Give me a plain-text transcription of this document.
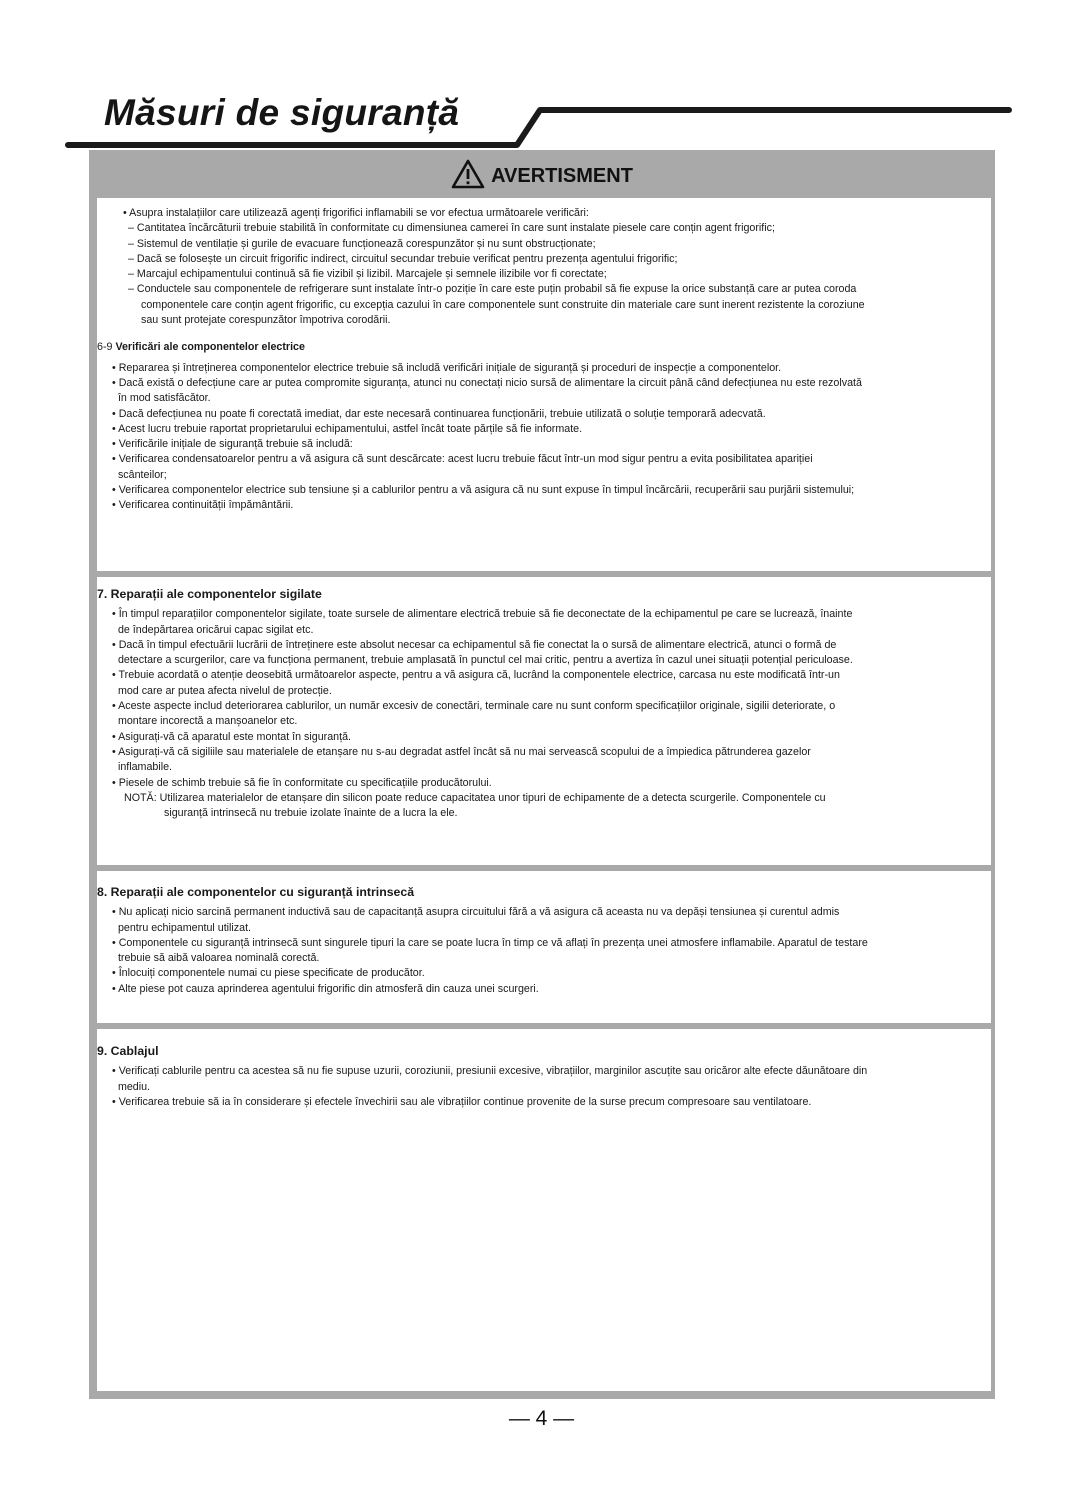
Măsuri de siguranță
AVERTISMENT

• Asupra instalațiilor care utilizează agenți frigorifici inflamabili se vor efectua următoarele verificări:

– Cantitatea încărcăturii trebuie stabilită în conformitate cu dimensiunea camerei în care sunt instalate piesele care conțin agent frigorific;

– Sistemul de ventilație și gurile de evacuare funcționează corespunzător și nu sunt obstrucționate;

– Dacă se folosește un circuit frigorific indirect, circuitul secundar trebuie verificat pentru prezența agentului frigorific;

– Marcajul echipamentului continuă să fie vizibil și lizibil. Marcajele și semnele ilizibile vor fi corectate;

– Conductele sau componentele de refrigerare sunt instalate într-o poziție în care este puțin probabil să fie expuse la orice substanță care ar putea coroda

componentele care conțin agent frigorific, cu excepția cazului în care componentele sunt construite din materiale care sunt inerent rezistente la coroziune

sau sunt protejate corespunzător împotriva corodării.

6-9 Verificări ale componentelor electrice

• Repararea și întreținerea componentelor electrice trebuie să includă verificări inițiale de siguranță și proceduri de inspecție a componentelor.

• Dacă există o defecțiune care ar putea compromite siguranța, atunci nu conectați nicio sursă de alimentare la circuit până când defecțiunea nu este rezolvată

în mod satisfăcător.

• Dacă defecțiunea nu poate fi corectată imediat, dar este necesară continuarea funcționării, trebuie utilizată o soluție temporară adecvată.

• Acest lucru trebuie raportat proprietarului echipamentului, astfel încât toate părțile să fie informate.

• Verificările inițiale de siguranță trebuie să includă:

• Verificarea condensatoarelor pentru a vă asigura că sunt descărcate: acest lucru trebuie făcut într-un mod sigur pentru a evita posibilitatea apariției

scânteilor;

• Verificarea componentelor electrice sub tensiune și a cablurilor pentru a vă asigura că nu sunt expuse în timpul încărcării, recuperării sau purjării sistemului;

• Verificarea continuității împământării.

7. Reparații ale componentelor sigilate

• În timpul reparațiilor componentelor sigilate, toate sursele de alimentare electrică trebuie să fie deconectate de la echipamentul pe care se lucrează, înainte

de îndepărtarea oricărui capac sigilat etc.

• Dacă în timpul efectuării lucrării de întreținere este absolut necesar ca echipamentul să fie conectat la o sursă de alimentare electrică, atunci o formă de

detectare a scurgerilor, care va funcționa permanent, trebuie amplasată în punctul cel mai critic, pentru a avertiza în cazul unei situații potențial periculoase.

• Trebuie acordată o atenție deosebită următoarelor aspecte, pentru a vă asigura că, lucrând la componentele electrice, carcasa nu este modificată într-un

mod care ar putea afecta nivelul de protecție.

• Aceste aspecte includ deteriorarea cablurilor, un număr excesiv de conectări, terminale care nu sunt conform specificațiilor originale, sigilii deteriorate, o

montare incorectă a manșoanelor etc.

• Asigurați-vă că aparatul este montat în siguranță.

• Asigurați-vă că sigiliile sau materialele de etanșare nu s-au degradat astfel încât să nu mai servească scopului de a împiedica pătrunderea gazelor

inflamabile.

• Piesele de schimb trebuie să fie în conformitate cu specificațiile producătorului.

NOTĂ: Utilizarea materialelor de etanșare din silicon poate reduce capacitatea unor tipuri de echipamente de a detecta scurgerile. Componentele cu

siguranță intrinsecă nu trebuie izolate înainte de a lucra la ele.

8. Reparații ale componentelor cu siguranță intrinsecă

• Nu aplicați nicio sarcină permanent inductivă sau de capacitanță asupra circuitului fără a vă asigura că aceasta nu va depăși tensiunea și curentul admis

pentru echipamentul utilizat.

• Componentele cu siguranță intrinsecă sunt singurele tipuri la care se poate lucra în timp ce vă aflați în prezența unei atmosfere inflamabile. Aparatul de testare

trebuie să aibă valoarea nominală corectă.

• Înlocuiți componentele numai cu piese specificate de producător.

• Alte piese pot cauza aprinderea agentului frigorific din atmosferă din cauza unei scurgeri.

9. Cablajul

• Verificați cablurile pentru ca acestea să nu fie supuse uzurii, coroziunii, presiunii excesive, vibrațiilor, marginilor ascuțite sau oricăror alte efecte dăunătoare din

mediu.

• Verificarea trebuie să ia în considerare și efectele învechirii sau ale vibrațiilor continue provenite de la surse precum compresoare sau ventilatoare.

— 4 —
